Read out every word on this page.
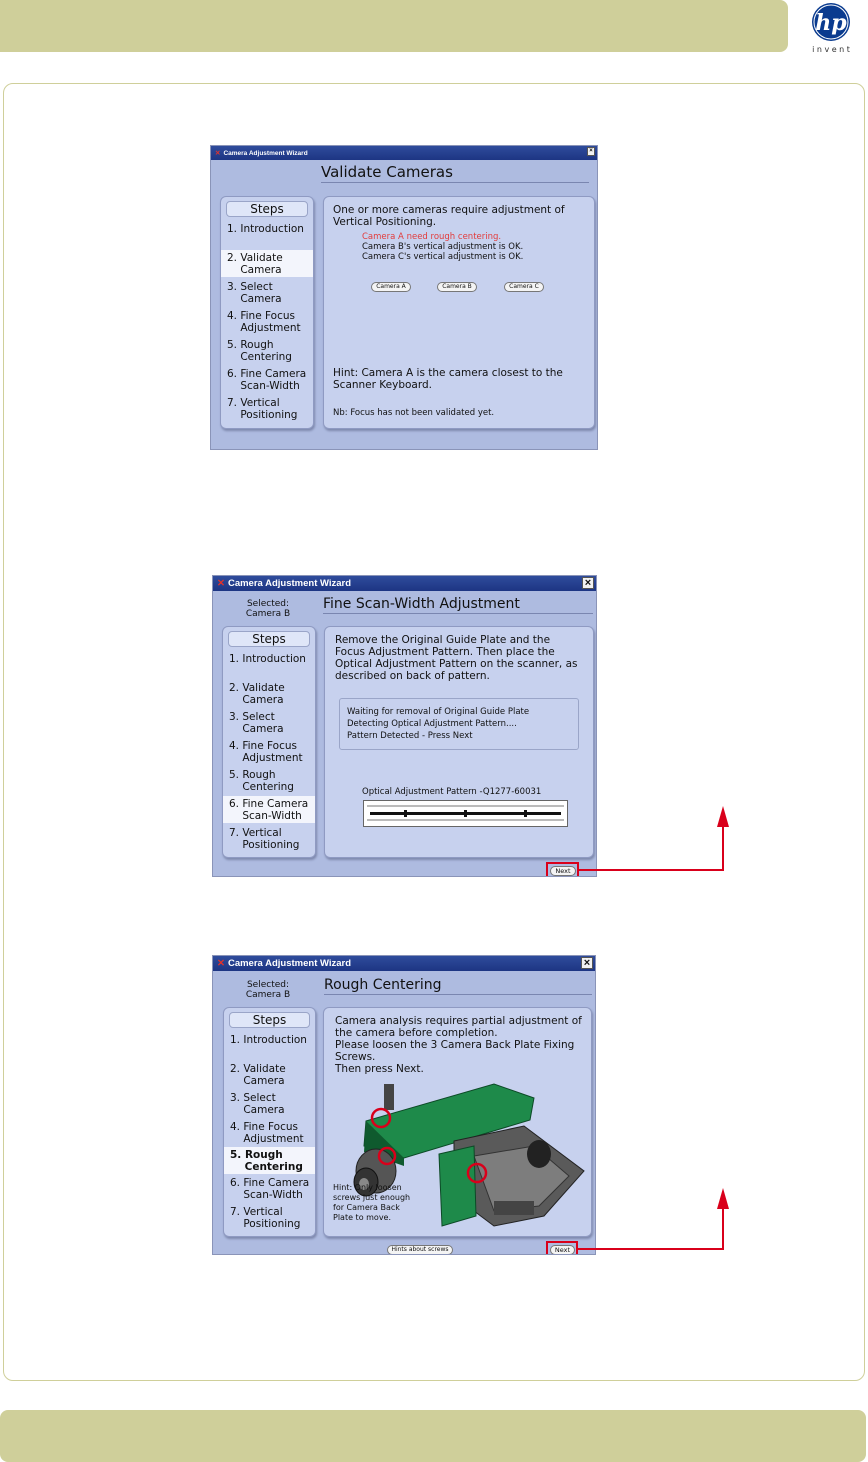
hp
i n v e n t
✕ Camera Adjustment Wizard	×
Validate Cameras
Steps
1. Introduction
2. Validate
Camera
3. Select
Camera
4. Fine Focus
Adjustment
5. Rough
Centering
6. Fine Camera
Scan-Width
7. Vertical
Positioning
One or more cameras require adjustment of
Vertical Positioning.
Camera A need rough centering.
Camera B's vertical adjustment is OK.
Camera C's vertical adjustment is OK.
Camera A	Camera B	Camera C
Hint: Camera A is the camera closest to the
Scanner Keyboard.
Nb: Focus has not been validated yet.
✕ Camera Adjustment Wizard	×
Selected:
Camera B
Fine Scan-Width Adjustment
Steps
1. Introduction
2. Validate
Camera
3. Select
Camera
4. Fine Focus
Adjustment
5. Rough
Centering
6. Fine Camera
Scan-Width
7. Vertical
Positioning
Remove the Original Guide Plate and the
Focus Adjustment Pattern. Then place the
Optical Adjustment Pattern on the scanner, as
described on back of pattern.
Waiting for removal of Original Guide Plate
Detecting Optical Adjustment Pattern....
Pattern Detected - Press Next
Optical Adjustment Pattern -Q1277-60031
Next
✕ Camera Adjustment Wizard	×
Selected:
Camera B
Rough Centering
Steps
1. Introduction
2. Validate
Camera
3. Select
Camera
4. Fine Focus
Adjustment
5. Rough
Centering
6. Fine Camera
Scan-Width
7. Vertical
Positioning
Camera analysis requires partial adjustment of
the camera before completion.
Please loosen the 3 Camera Back Plate Fixing
Screws.
Then press Next.
Hint: Only loosen
screws just enough
for Camera Back
Plate to move.
Hints about screws	Next
